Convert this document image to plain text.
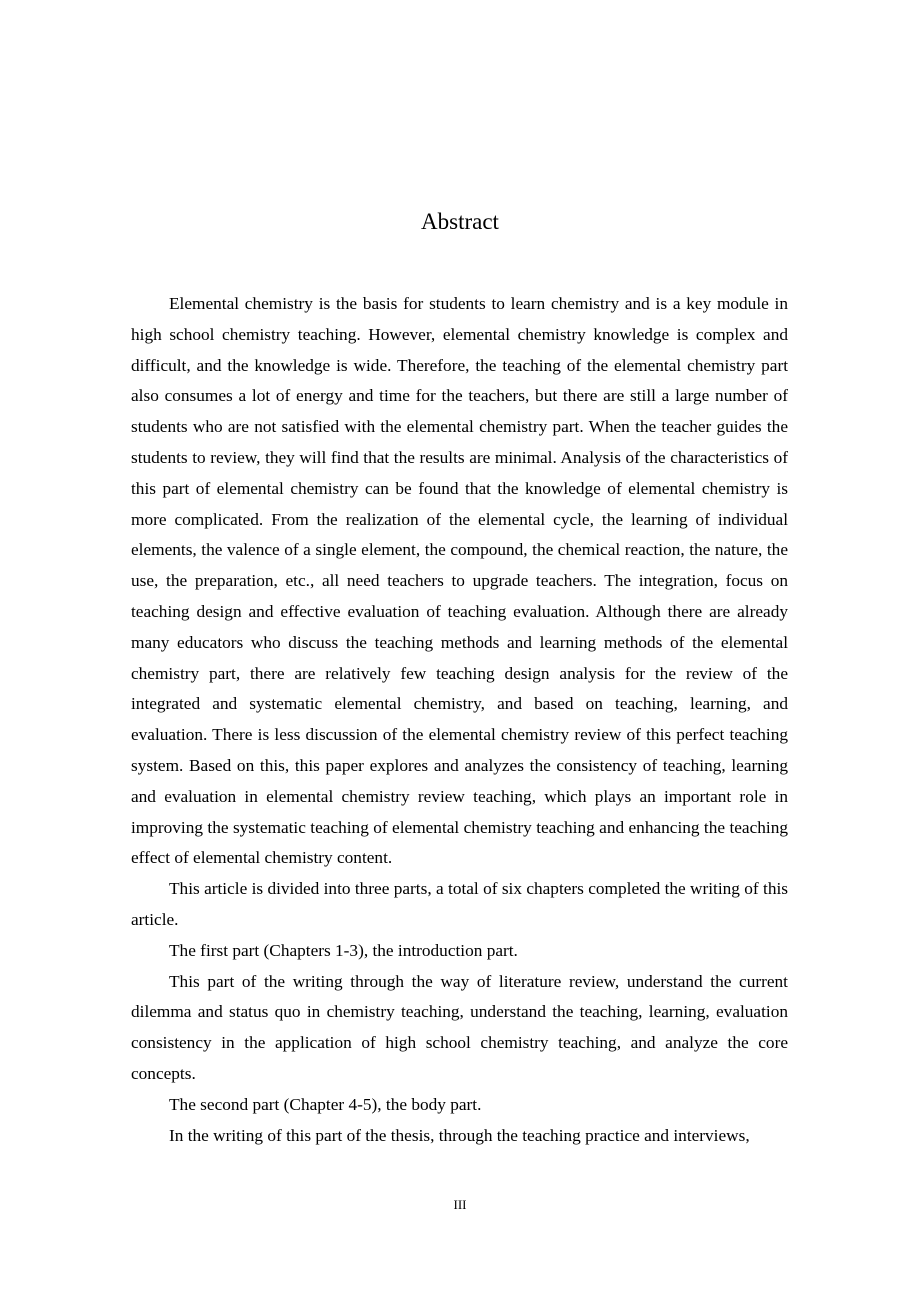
Abstract

Elemental chemistry is the basis for students to learn chemistry and is a key module in high school chemistry teaching. However, elemental chemistry knowledge is complex and difficult, and the knowledge is wide. Therefore, the teaching of the elemental chemistry part also consumes a lot of energy and time for the teachers, but there are still a large number of students who are not satisfied with the elemental chemistry part. When the teacher guides the students to review, they will find that the results are minimal. Analysis of the characteristics of this part of elemental chemistry can be found that the knowledge of elemental chemistry is more complicated. From the realization of the elemental cycle, the learning of individual elements, the valence of a single element, the compound, the chemical reaction, the nature, the use, the preparation, etc., all need teachers to upgrade teachers. The integration, focus on teaching design and effective evaluation of teaching evaluation. Although there are already many educators who discuss the teaching methods and learning methods of the elemental chemistry part, there are relatively few teaching design analysis for the review of the integrated and systematic elemental chemistry, and based on teaching, learning, and evaluation. There is less discussion of the elemental chemistry review of this perfect teaching system. Based on this, this paper explores and analyzes the consistency of teaching, learning and evaluation in elemental chemistry review teaching, which plays an important role in improving the systematic teaching of elemental chemistry teaching and enhancing the teaching effect of elemental chemistry content.

This article is divided into three parts, a total of six chapters completed the writing of this article.

The first part (Chapters 1-3), the introduction part.

This part of the writing through the way of literature review, understand the current dilemma and status quo in chemistry teaching, understand the teaching, learning, evaluation consistency in the application of high school chemistry teaching, and analyze the core concepts.

The second part (Chapter 4-5), the body part.

In the writing of this part of the thesis, through the teaching practice and interviews,

III
